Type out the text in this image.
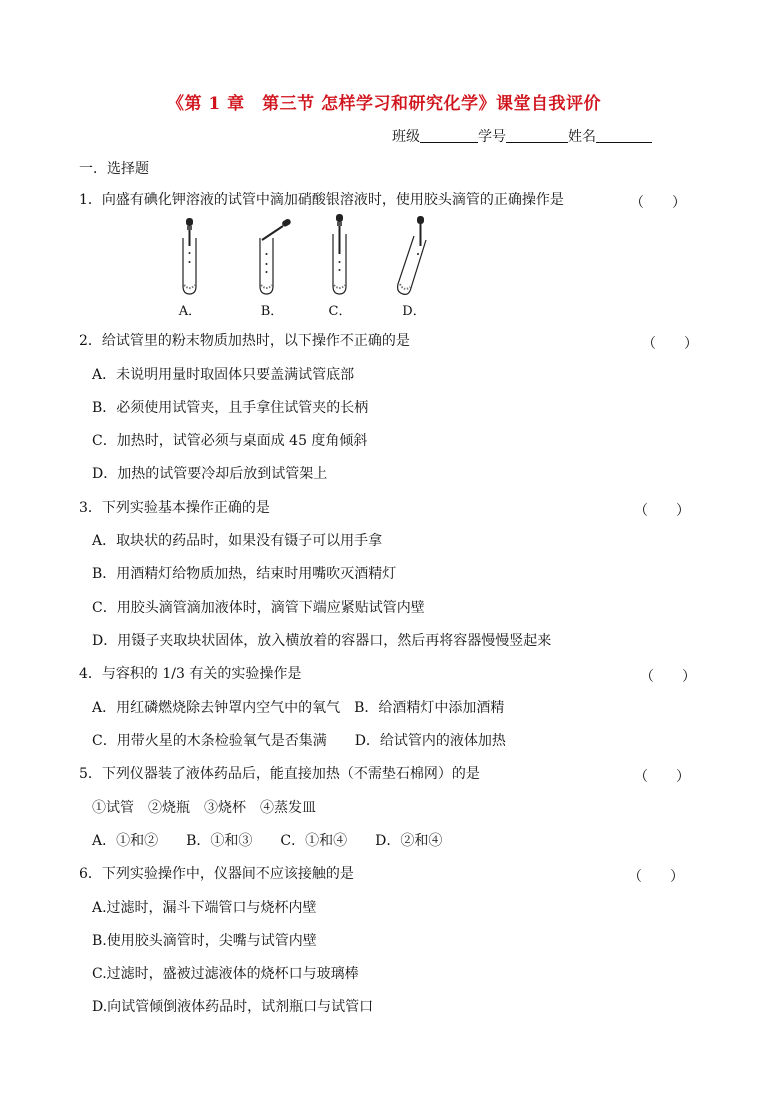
《第 1 章　第三节 怎样学习和研究化学》课堂自我评价
班级	学号	姓名
一．选择题
1．向盛有碘化钾溶液的试管中滴加硝酸银溶液时，使用胶头滴管的正确操作是	（　　）
A．	B．	C．	D．
2．给试管里的粉末物质加热时，以下操作不正确的是	（　　）
A．未说明用量时取固体只要盖满试管底部
B．必须使用试管夹，且手拿住试管夹的长柄
C．加热时，试管必须与桌面成 45 度角倾斜
D．加热的试管要冷却后放到试管架上
3．下列实验基本操作正确的是	（　　）
A．取块状的药品时，如果没有镊子可以用手拿
B．用酒精灯给物质加热，结束时用嘴吹灭酒精灯
C．用胶头滴管滴加液体时，滴管下端应紧贴试管内壁
D．用镊子夹取块状固体，放入横放着的容器口，然后再将容器慢慢竖起来
4．与容积的 1/3 有关的实验操作是	（　　）
A．用红磷燃烧除去钟罩内空气中的氧气　B．给酒精灯中添加酒精
C．用带火星的木条检验氧气是否集满　　D．给试管内的液体加热
5．下列仪器装了液体药品后，能直接加热（不需垫石棉网）的是	（　　）
①试管　②烧瓶　③烧杯　④蒸发皿
A．①和②　　B．①和③　　C．①和④　　D．②和④
6．下列实验操作中，仪器间不应该接触的是	（　　）
A.过滤时，漏斗下端管口与烧杯内壁
B.使用胶头滴管时，尖嘴与试管内壁
C.过滤时，盛被过滤液体的烧杯口与玻璃棒
D.向试管倾倒液体药品时，试剂瓶口与试管口
